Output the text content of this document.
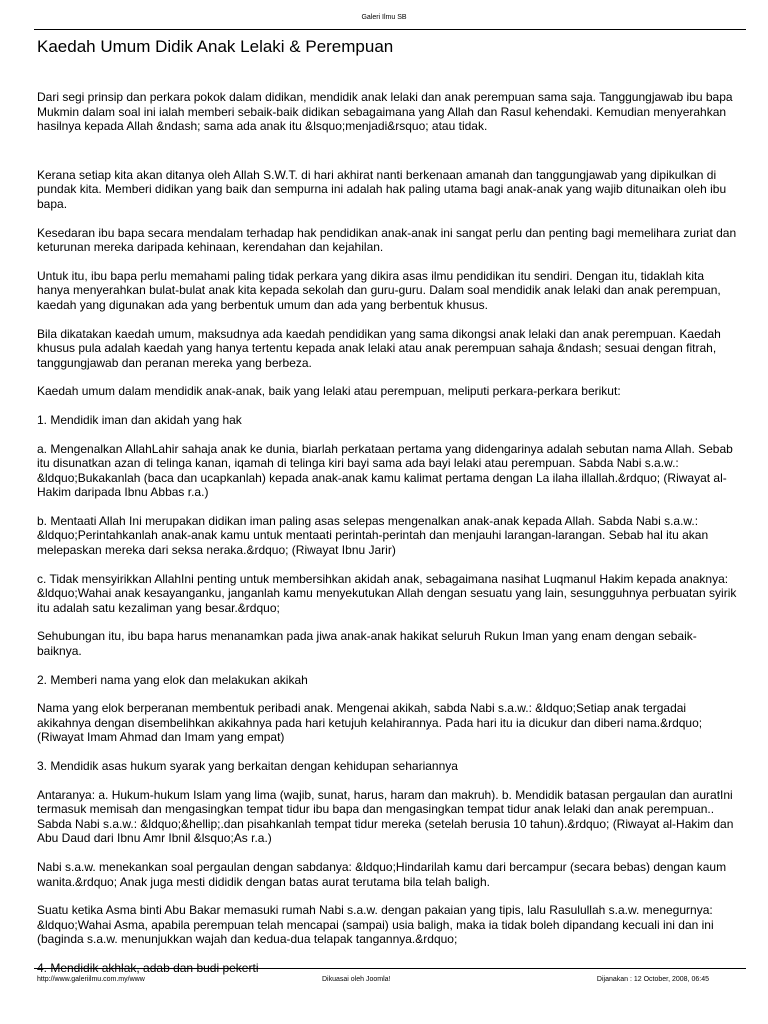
Galeri Ilmu SB
Kaedah Umum Didik Anak Lelaki & Perempuan

Dari segi prinsip dan perkara pokok dalam didikan, mendidik anak lelaki dan anak perempuan sama saja. Tanggungjawab ibu bapa Mukmin dalam soal ini ialah memberi sebaik-baik didikan sebagaimana yang Allah dan Rasul kehendaki. Kemudian menyerahkan hasilnya kepada Allah &ndash; sama ada anak itu &lsquo;menjadi&rsquo; atau tidak.

Kerana setiap kita akan ditanya oleh Allah S.W.T. di hari akhirat nanti berkenaan amanah dan tanggungjawab yang dipikulkan di pundak kita. Memberi didikan yang baik dan sempurna ini adalah hak paling utama bagi anak-anak yang wajib ditunaikan oleh ibu bapa.

Kesedaran ibu bapa secara mendalam terhadap hak pendidikan anak-anak ini sangat perlu dan penting bagi memelihara zuriat dan keturunan mereka daripada kehinaan, kerendahan dan kejahilan.

Untuk itu, ibu bapa perlu memahami paling tidak perkara yang dikira asas ilmu pendidikan itu sendiri. Dengan itu, tidaklah kita hanya menyerahkan bulat-bulat anak kita kepada sekolah dan guru-guru. Dalam soal mendidik anak lelaki dan anak perempuan, kaedah yang digunakan ada yang berbentuk umum dan ada yang berbentuk khusus.

Bila dikatakan kaedah umum, maksudnya ada kaedah pendidikan yang sama dikongsi anak lelaki dan anak perempuan. Kaedah khusus pula adalah kaedah yang hanya tertentu kepada anak lelaki atau anak perempuan sahaja &ndash; sesuai dengan fitrah, tanggungjawab dan peranan mereka yang berbeza.

Kaedah umum dalam mendidik anak-anak, baik yang lelaki atau perempuan, meliputi perkara-perkara berikut:

1. Mendidik iman dan akidah yang hak

a. Mengenalkan AllahLahir sahaja anak ke dunia, biarlah perkataan pertama yang didengarinya adalah sebutan nama Allah. Sebab itu disunatkan azan di telinga kanan, iqamah di telinga kiri bayi sama ada bayi lelaki atau perempuan. Sabda Nabi s.a.w.: &ldquo;Bukakanlah (baca dan ucapkanlah) kepada anak-anak kamu kalimat pertama dengan La ilaha illallah.&rdquo; (Riwayat al-Hakim daripada Ibnu Abbas r.a.)

b. Mentaati Allah Ini merupakan didikan iman paling asas selepas mengenalkan anak-anak kepada Allah. Sabda Nabi s.a.w.: &ldquo;Perintahkanlah anak-anak kamu untuk mentaati perintah-perintah dan menjauhi larangan-larangan. Sebab hal itu akan melepaskan mereka dari seksa neraka.&rdquo; (Riwayat Ibnu Jarir)

c. Tidak mensyirikkan AllahIni penting untuk membersihkan akidah anak, sebagaimana nasihat Luqmanul Hakim kepada anaknya: &ldquo;Wahai anak kesayanganku, janganlah kamu menyekutukan Allah dengan sesuatu yang lain, sesungguhnya perbuatan syirik itu adalah satu kezaliman yang besar.&rdquo;

Sehubungan itu, ibu bapa harus menanamkan pada jiwa anak-anak hakikat seluruh Rukun Iman yang enam dengan sebaik-baiknya.

2. Memberi nama yang elok dan melakukan akikah

Nama yang elok berperanan membentuk peribadi anak. Mengenai akikah, sabda Nabi s.a.w.: &ldquo;Setiap anak tergadai akikahnya dengan disembelihkan akikahnya pada hari ketujuh kelahirannya. Pada hari itu ia dicukur dan diberi nama.&rdquo; (Riwayat Imam Ahmad dan Imam yang empat)

3. Mendidik asas hukum syarak yang berkaitan dengan kehidupan sehariannya

Antaranya: a. Hukum-hukum Islam yang lima (wajib, sunat, harus, haram dan makruh). b. Mendidik batasan pergaulan dan auratIni termasuk memisah dan mengasingkan tempat tidur ibu bapa dan mengasingkan tempat tidur anak lelaki dan anak perempuan.. Sabda Nabi s.a.w.: &ldquo;&hellip;.dan pisahkanlah tempat tidur mereka (setelah berusia 10 tahun).&rdquo; (Riwayat al-Hakim dan Abu Daud dari Ibnu Amr Ibnil &lsquo;As r.a.)

Nabi s.a.w. menekankan soal pergaulan dengan sabdanya: &ldquo;Hindarilah kamu dari bercampur (secara bebas) dengan kaum wanita.&rdquo; Anak juga mesti dididik dengan batas aurat terutama bila telah baligh.

Suatu ketika Asma binti Abu Bakar memasuki rumah Nabi s.a.w. dengan pakaian yang tipis, lalu Rasulullah s.a.w. menegurnya: &ldquo;Wahai Asma, apabila perempuan telah mencapai (sampai) usia baligh, maka ia tidak boleh dipandang kecuali ini dan ini (baginda s.a.w. menunjukkan wajah dan kedua-dua telapak tangannya.&rdquo;

4. Mendidik akhlak, adab dan budi pekerti

http://www.galeriilmu.com.my/www	Dikuasai oleh Joomla!	Dijanakan : 12 October, 2008, 06:45
